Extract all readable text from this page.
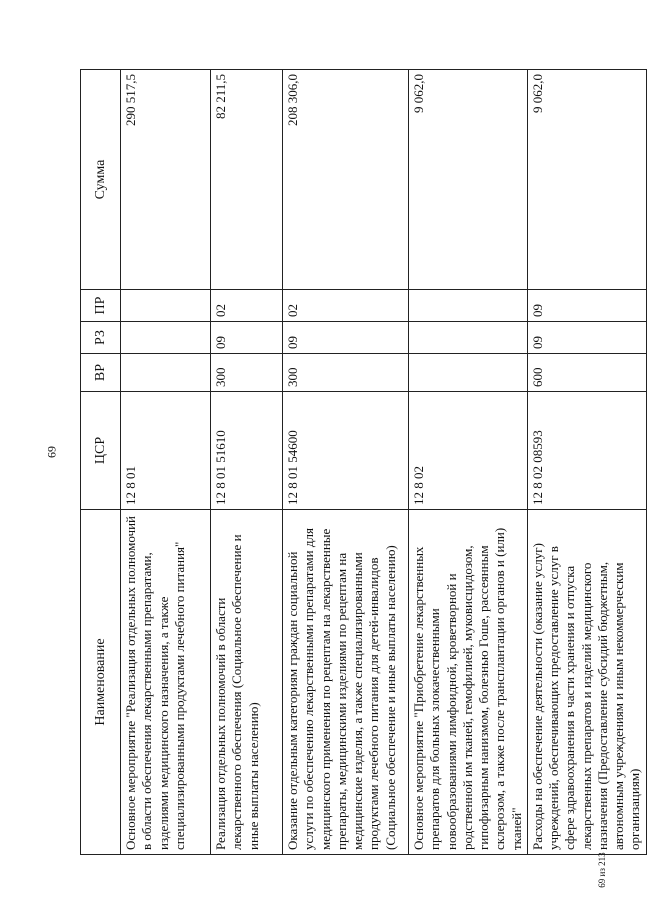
69
Наименование	ЦСР	ВР	РЗ	ПР	Сумма
Основное мероприятие "Реализация отдельных полномочий в области обеспечения лекарственными препаратами, изделиями медицинского назначения, а также специализированными продуктами лечебного питания"	12 8 01				290 517,5
Реализация отдельных полномочий в области лекарственного обеспечения (Социальное обеспечение и иные выплаты населению)	12 8 01 51610	300	09	02	82 211,5
Оказание отдельным категориям граждан социальной услуги по обеспечению лекарственными препаратами для медицинского применения по рецептам на лекарственные препараты, медицинскими изделиями по рецептам на медицинские изделия, а также специализированными продуктами лечебного питания для детей-инвалидов (Социальное обеспечение и иные выплаты населению)	12 8 01 54600	300	09	02	208 306,0
Основное мероприятие "Приобретение лекарственных препаратов для больных злокачественными новообразованиями лимфоидной, кроветворной и родственной им тканей, гемофилией, муковисцидозом, гипофизарным нанизмом, болезнью Гоше, рассеянным склерозом, а также после трансплантации органов и (или) тканей"	12 8 02				9 062,0
Расходы на обеспечение деятельности (оказание услуг) учреждений, обеспечивающих предоставление услуг в сфере здравоохранения в части хранения и отпуска лекарственных препаратов и изделий медицинского назначения (Предоставление субсидий бюджетным, автономным учреждениям и иным некоммерческим организациям)	12 8 02 08593	600	09	09	9 062,0
69 из 213
